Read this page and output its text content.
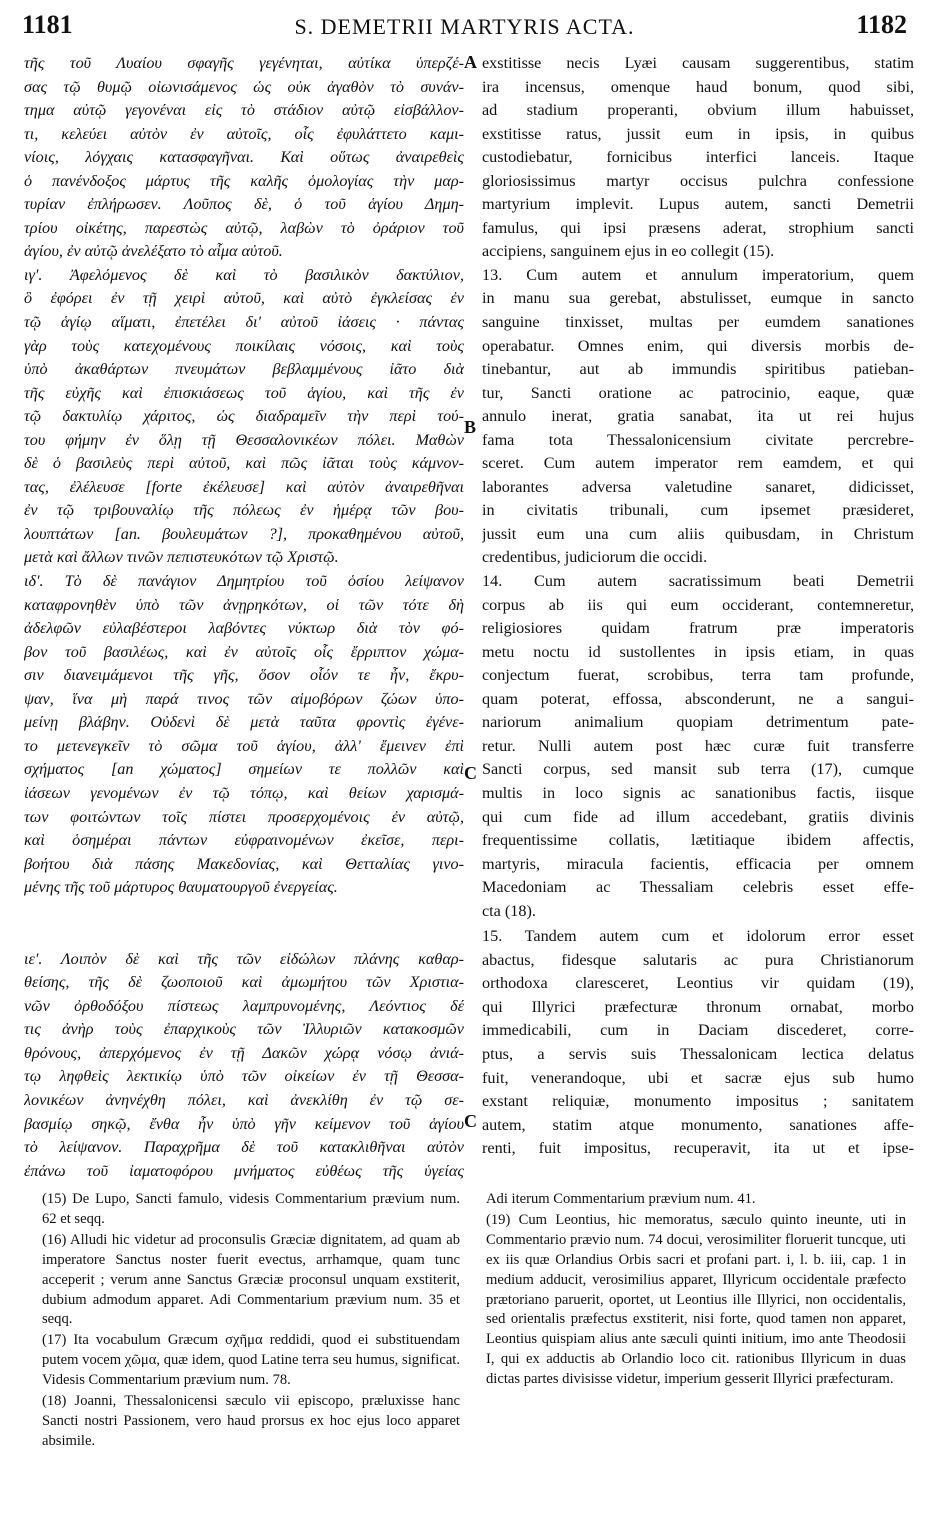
1181	S. DEMETRII MARTYRIS ACTA.	1182
A
B
C
C
τῆς τοῦ Λυαίου σφαγῆς γεγένηται, αὐτίκα ὑπερζέ-
σας τῷ θυμῷ οἰωνισάμενος ὡς οὐκ ἀγαθὸν τὸ συνάν-
τημα αὐτῷ γεγονέναι εἰς τὸ στάδιον αὐτῷ εἰσβάλλον-
τι, κελεύει αὐτὸν ἐν αὐτοῖς, οἷς ἐφυλάττετο καμι-
νίοις, λόγχαις κατασφαγῆναι. Καὶ οὕτως ἀναιρεθεὶς
ὁ πανένδοξος μάρτυς τῆς καλῆς ὁμολογίας τὴν μαρ-
τυρίαν ἐπλήρωσεν. Λοῦπος δὲ, ὁ τοῦ ἁγίου Δημη-
τρίου οἰκέτης, παρεστὼς αὐτῷ, λαβὼν τὸ ὀράριον τοῦ
ἁγίου, ἐν αὐτῷ ἀνελέξατο τὸ αἷμα αὐτοῦ.
ιγ'. Ἀφελόμενος δὲ καὶ τὸ βασιλικὸν δακτύλιον,
ὃ ἐφόρει ἐν τῇ χειρὶ αὐτοῦ, καὶ αὐτὸ ἐγκλείσας ἐν
τῷ ἁγίῳ αἵματι, ἐπετέλει δι' αὐτοῦ ἰάσεις · πάντας
γὰρ τοὺς κατεχομένους ποικίλαις νόσοις, καὶ τοὺς
ὑπὸ ἀκαθάρτων πνευμάτων βεβλαμμένους ἰᾶτο διὰ
τῆς εὐχῆς καὶ ἐπισκιάσεως τοῦ ἁγίου, καὶ τῆς ἐν
τῷ δακτυλίῳ χάριτος, ὡς διαδραμεῖν τὴν περὶ τού-
του φήμην ἐν ὅλῃ τῇ Θεσσαλονικέων πόλει. Μαθὼν
δὲ ὁ βασιλεὺς περὶ αὐτοῦ, καὶ πῶς ἰᾶται τοὺς κάμνον-
τας, ἐλέλευσε [forte ἐκέλευσε] καὶ αὐτὸν ἀναιρεθῆναι
ἐν τῷ τριβουναλίῳ τῆς πόλεως ἐν ἡμέρᾳ τῶν βου-
λουπτάτων [an. βουλευμάτων ?], προκαθημένου αὐτοῦ,
μετὰ καὶ ἄλλων τινῶν πεπιστευκότων τῷ Χριστῷ.
ιδ'. Τὸ δὲ πανάγιον Δημητρίου τοῦ ὁσίου λείψανον
καταφρονηθὲν ὑπὸ τῶν ἀνῃρηκότων, οἱ τῶν τότε δὴ
ἀδελφῶν εὐλαβέστεροι λαβόντες νύκτωρ διὰ τὸν φό-
βον τοῦ βασιλέως, καὶ ἐν αὐτοῖς οἷς ἔρριπτον χώμα-
σιν διανειμάμενοι τῆς γῆς, ὅσον οἷόν τε ἦν, ἔκρυ-
ψαν, ἵνα μὴ παρά τινος τῶν αἱμοβόρων ζώων ὑπο-
μείνῃ βλάβην. Οὐδενὶ δὲ μετὰ ταῦτα φροντὶς ἐγένε-
το μετενεγκεῖν τὸ σῶμα τοῦ ἁγίου, ἀλλ' ἔμεινεν ἐπὶ
σχήματος [an χώματος] σημείων τε πολλῶν καὶ
ἰάσεων γενομένων ἐν τῷ τόπῳ, καὶ θείων χαρισμά-
των φοιτώντων τοῖς πίστει προσερχομένοις ἐν αὐτῷ,
καὶ ὁσημέραι πάντων εὐφραινομένων ἐκεῖσε, περι-
βοήτου διὰ πάσης Μακεδονίας, καὶ Θετταλίας γινο-
μένης τῆς τοῦ μάρτυρος θαυματουργοῦ ἐνεργείας.
ιε'. Λοιπὸν δὲ καὶ τῆς τῶν εἰδώλων πλάνης καθαρ-
θείσης, τῆς δὲ ζωοποιοῦ καὶ ἀμωμήτου τῶν Χριστια-
νῶν ὀρθοδόξου πίστεως λαμπρυνομένης, Λεόντιος δέ
τις ἀνὴρ τοὺς ἐπαρχικοὺς τῶν Ἰλλυριῶν κατακοσμῶν
θρόνους, ἀπερχόμενος ἐν τῇ Δακῶν χώρᾳ νόσῳ ἀνιά-
τῳ ληφθεὶς λεκτικίῳ ὑπὸ τῶν οἰκείων ἐν τῇ Θεσσα-
λονικέων ἀνηνέχθη πόλει, καὶ ἀνεκλίθη ἐν τῷ σε-
βασμίῳ σηκῷ, ἔνθα ἦν ὑπὸ γῆν κείμενον τοῦ ἁγίου
τὸ λείψανον. Παραχρῆμα δὲ τοῦ κατακλιθῆναι αὐτὸν
ἐπάνω τοῦ ἰαματοφόρου μνήματος εὐθέως τῆς ὑγείας
exstitisse necis Lyæi causam suggerentibus, statim
ira incensus, omenque haud bonum, quod sibi,
ad stadium properanti, obvium illum habuisset,
exstitisse ratus, jussit eum in ipsis, in quibus
custodiebatur, fornicibus interfici lanceis. Itaque
gloriosissimus martyr occisus pulchra confessione
martyrium implevit. Lupus autem, sancti Demetrii
famulus, qui ipsi præsens aderat, strophium sancti
accipiens, sanguinem ejus in eo collegit (15).
13. Cum autem et annulum imperatorium, quem
in manu sua gerebat, abstulisset, eumque in sancto
sanguine tinxisset, multas per eumdem sanationes
operabatur. Omnes enim, qui diversis morbis de-
tinebantur, aut ab immundis spiritibus patieban-
tur, Sancti oratione ac patrocinio, eaque, quæ
annulo inerat, gratia sanabat, ita ut rei hujus
fama tota Thessalonicensium civitate percrebre-
sceret. Cum autem imperator rem eamdem, et qui
laborantes adversa valetudine sanaret, didicisset,
in civitatis tribunali, cum ipsemet præsideret,
jussit eum una cum aliis quibusdam, in Christum
credentibus, judiciorum die occidi.
14. Cum autem sacratissimum beati Demetrii
corpus ab iis qui eum occiderant, contemneretur,
religiosiores quidam fratrum præ imperatoris
metu noctu id sustollentes in ipsis etiam, in quas
conjectum fuerat, scrobibus, terra tam profunde,
quam poterat, effossa, absconderunt, ne a sangui-
nariorum animalium quopiam detrimentum pate-
retur. Nulli autem post hæc curæ fuit transferre
Sancti corpus, sed mansit sub terra (17), cumque
multis in loco signis ac sanationibus factis, iisque
qui cum fide ad illum accedebant, gratiis divinis
frequentissime collatis, lætitiaque ibidem affectis,
martyris, miracula facientis, efficacia per omnem
Macedoniam ac Thessaliam celebris esset effe-
cta (18).
15. Tandem autem cum et idolorum error esset
abactus, fidesque salutaris ac pura Christianorum
orthodoxa claresceret, Leontius vir quidam (19),
qui Illyrici præfecturæ thronum ornabat, morbo
immedicabili, cum in Daciam discederet, corre-
ptus, a servis suis Thessalonicam lectica delatus
fuit, venerandoque, ubi et sacræ ejus sub humo
exstant reliquiæ, monumento impositus ; sanitatem
autem, statim atque monumento, sanationes affe-
renti, fuit impositus, recuperavit, ita ut et ipse-

(15) De Lupo, Sancti famulo, videsis Commentarium prævium num. 62 et seqq.

(16) Alludi hic videtur ad proconsulis Græciæ dignitatem, ad quam ab imperatore Sanctus noster fuerit evectus, arrhamque, quam tunc acceperit ; verum anne Sanctus Græciæ proconsul unquam exstiterit, dubium admodum apparet. Adi Commentarium prævium num. 35 et seqq.

(17) Ita vocabulum Græcum σχῆμα reddidi, quod ei substituendam putem vocem χῶμα, quæ idem, quod Latine terra seu humus, significat. Videsis Commentarium prævium num. 78.

(18) Joanni, Thessalonicensi sæculo vii episcopo, præluxisse hanc Sancti nostri Passionem, vero haud prorsus ex hoc ejus loco apparet absimile.

Adi iterum Commentarium prævium num. 41.

(19) Cum Leontius, hic memoratus, sæculo quinto ineunte, uti in Commentario prævio num. 74 docui, verosimiliter floruerit tuncque, uti ex iis quæ Orlandius Orbis sacri et profani part. i, l. b. iii, cap. 1 in medium adducit, verosimilius apparet, Illyricum occidentale præfecto prætoriano paruerit, oportet, ut Leontius ille Illyrici, non occidentalis, sed orientalis præfectus exstiterit, nisi forte, quod tamen non apparet, Leontius quispiam alius ante sæculi quinti initium, imo ante Theodosii I, qui ex adductis ab Orlandio loco cit. rationibus Illyricum in duas dictas partes divisisse videtur, imperium gesserit Illyrici præfecturam.
